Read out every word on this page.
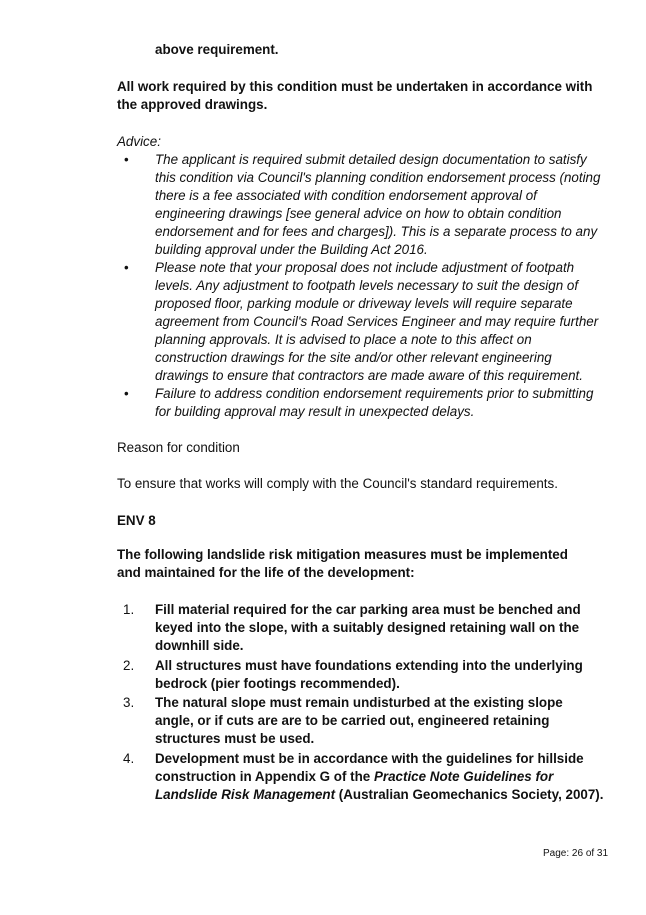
above requirement.

All work required by this condition must be undertaken in accordance with the approved drawings.

Advice:

• The applicant is required submit detailed design documentation to satisfy this condition via Council's planning condition endorsement process (noting there is a fee associated with condition endorsement approval of engineering drawings [see general advice on how to obtain condition endorsement and for fees and charges]). This is a separate process to any building approval under the Building Act 2016.
• Please note that your proposal does not include adjustment of footpath levels. Any adjustment to footpath levels necessary to suit the design of proposed floor, parking module or driveway levels will require separate agreement from Council's Road Services Engineer and may require further planning approvals. It is advised to place a note to this affect on construction drawings for the site and/or other relevant engineering drawings to ensure that contractors are made aware of this requirement.
• Failure to address condition endorsement requirements prior to submitting for building approval may result in unexpected delays.

Reason for condition

To ensure that works will comply with the Council's standard requirements.

ENV 8

The following landslide risk mitigation measures must be implemented and maintained for the life of the development:

1. Fill material required for the car parking area must be benched and keyed into the slope, with a suitably designed retaining wall on the downhill side.
2. All structures must have foundations extending into the underlying bedrock (pier footings recommended).
3. The natural slope must remain undisturbed at the existing slope angle, or if cuts are are to be carried out, engineered retaining structures must be used.
4. Development must be in accordance with the guidelines for hillside construction in Appendix G of the Practice Note Guidelines for Landslide Risk Management (Australian Geomechanics Society, 2007).
Page: 26 of 31
